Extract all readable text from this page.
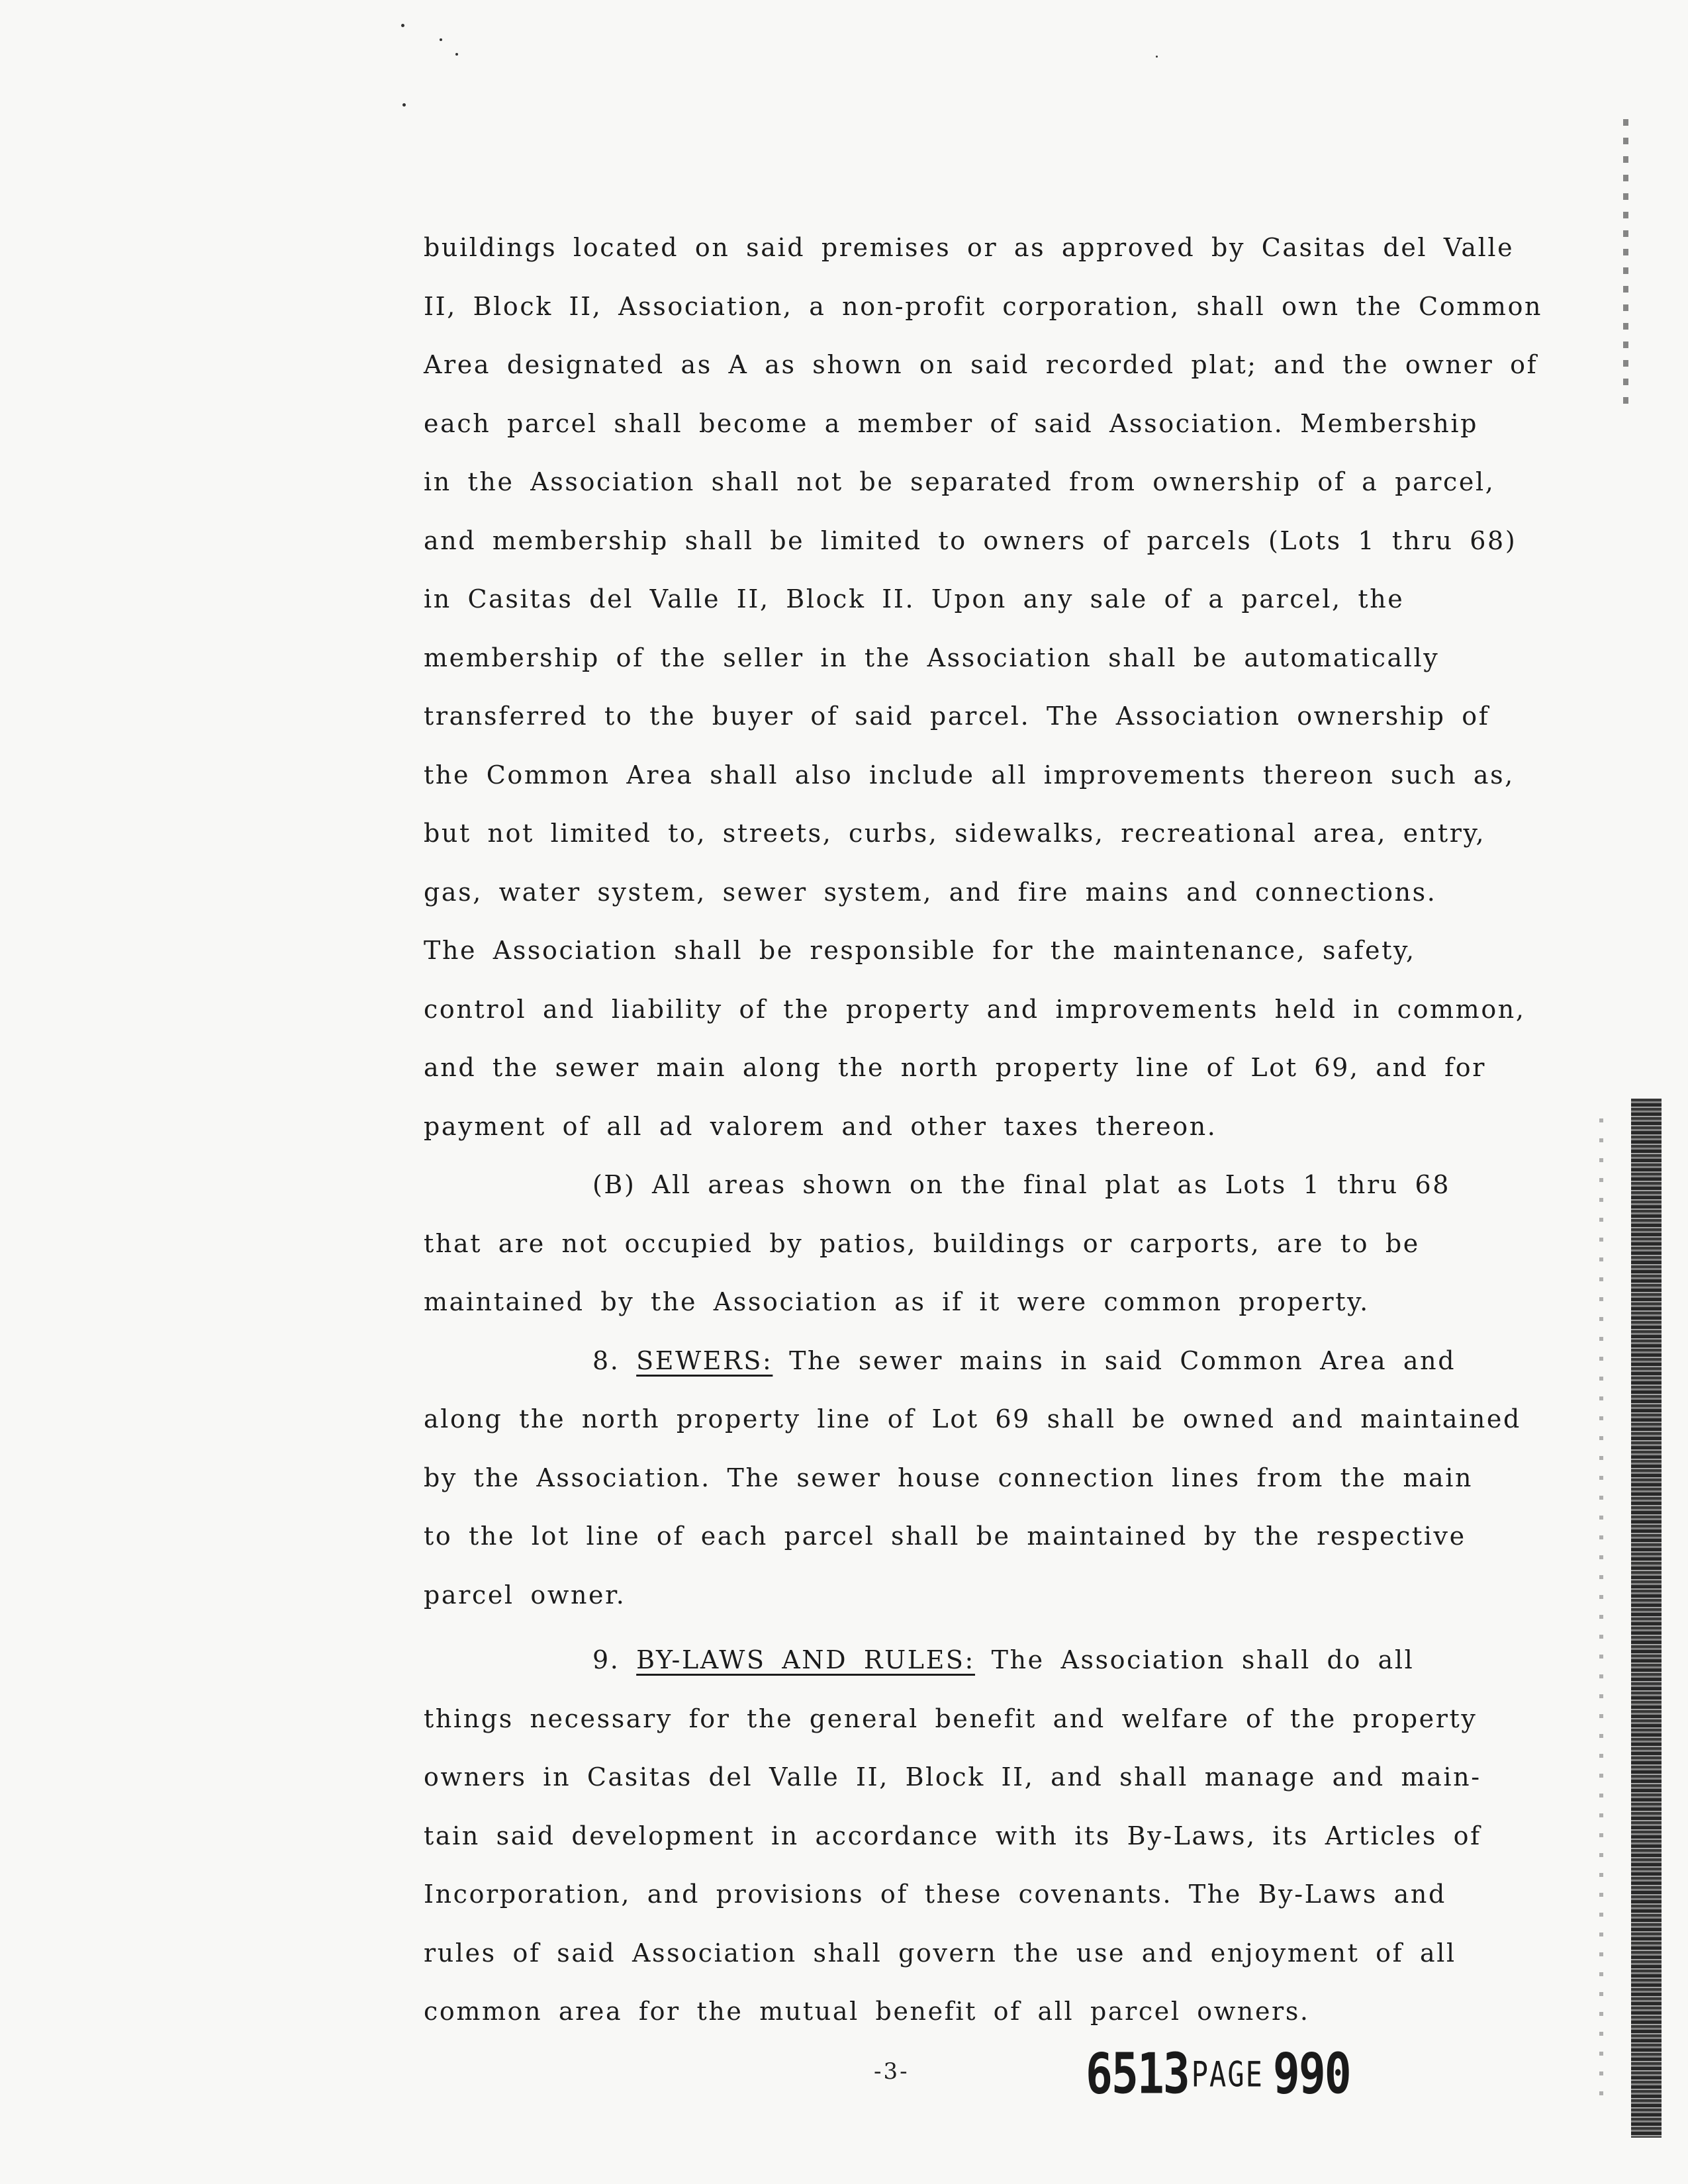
buildings located on said premises or as approved by Casitas del Valle
II, Block II, Association, a non-profit corporation, shall own the Common
Area designated as A as shown on said recorded plat; and the owner of
each parcel shall become a member of said Association. Membership
in the Association shall not be separated from ownership of a parcel,
and membership shall be limited to owners of parcels (Lots 1 thru 68)
in Casitas del Valle II, Block II. Upon any sale of a parcel, the
membership of the seller in the Association shall be automatically
transferred to the buyer of said parcel. The Association ownership of
the Common Area shall also include all improvements thereon such as,
but not limited to, streets, curbs, sidewalks, recreational area, entry,
gas, water system, sewer system, and fire mains and connections.
The Association shall be responsible for the maintenance, safety,
control and liability of the property and improvements held in common,
and the sewer main along the north property line of Lot 69, and for
payment of all ad valorem and other taxes thereon.
(B) All areas shown on the final plat as Lots 1 thru 68
that are not occupied by patios, buildings or carports, are to be
maintained by the Association as if it were common property.
8. SEWERS: The sewer mains in said Common Area and
along the north property line of Lot 69 shall be owned and maintained
by the Association. The sewer house connection lines from the main
to the lot line of each parcel shall be maintained by the respective
parcel owner.
9. BY-LAWS AND RULES: The Association shall do all
things necessary for the general benefit and welfare of the property
owners in Casitas del Valle II, Block II, and shall manage and main-
tain said development in accordance with its By-Laws, its Articles of
Incorporation, and provisions of these covenants. The By-Laws and
rules of said Association shall govern the use and enjoyment of all
common area for the mutual benefit of all parcel owners.
-3-	6513PAGE 990
